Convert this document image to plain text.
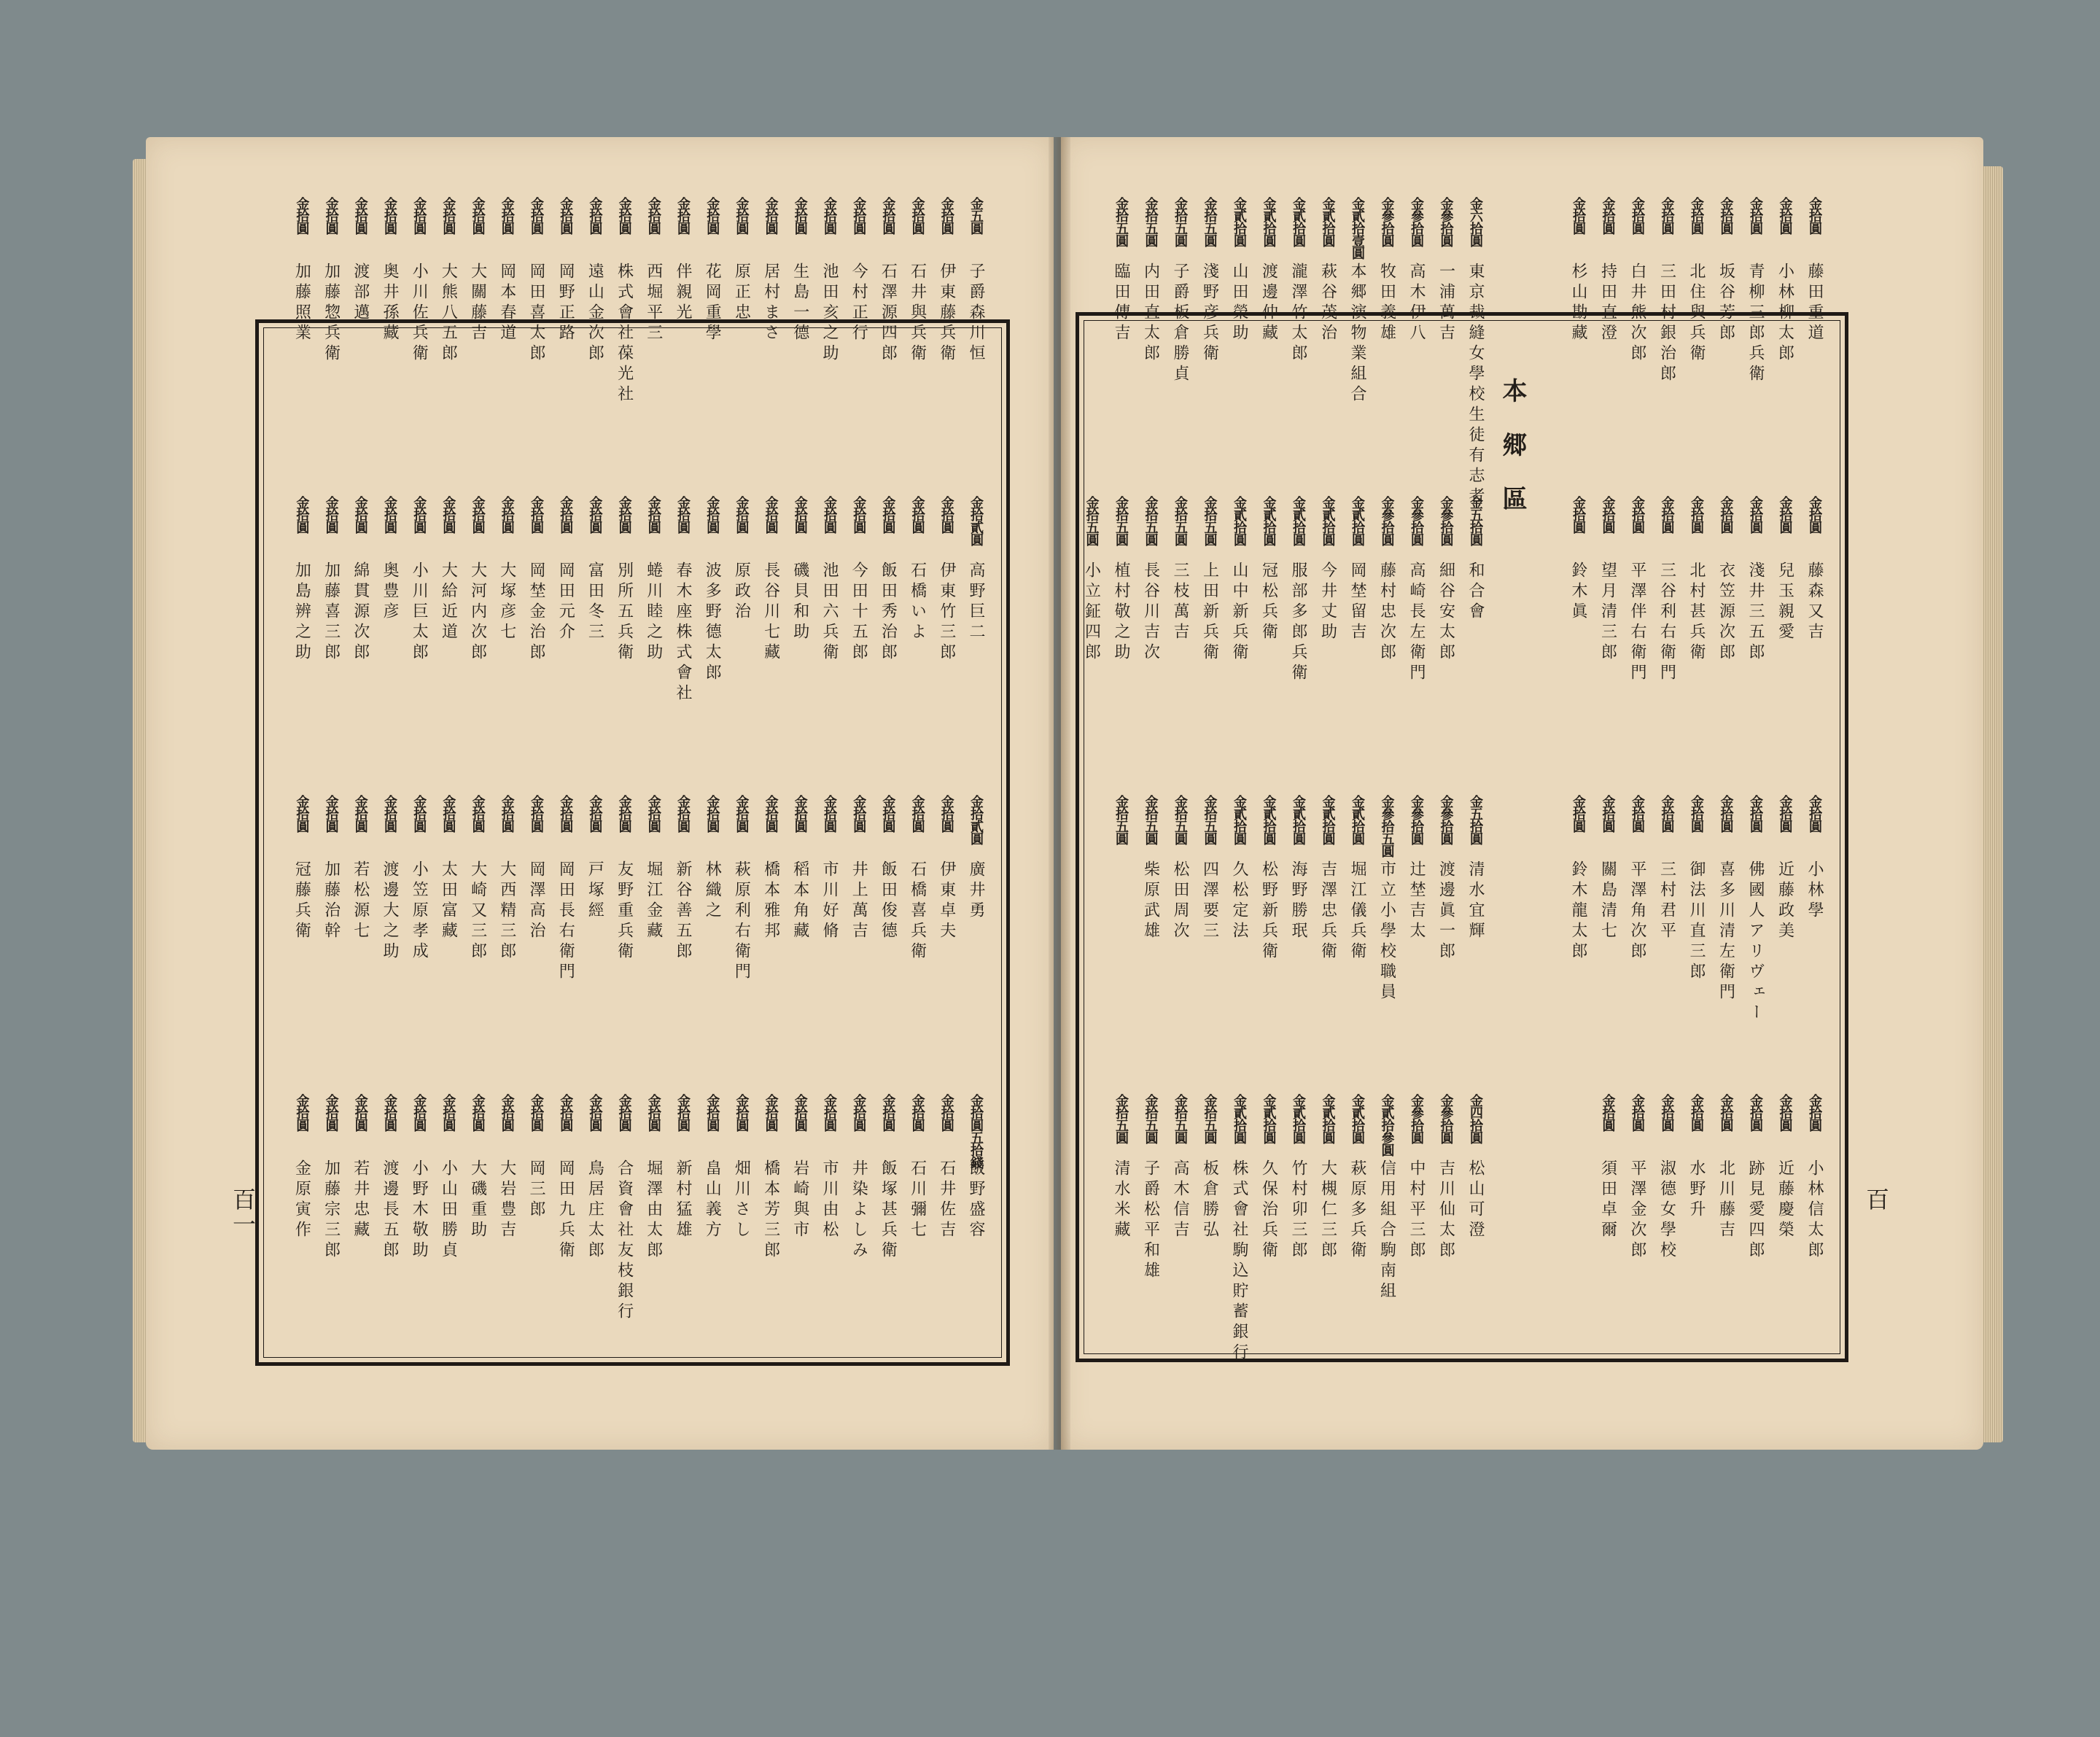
金五圓
子爵森川恒
金拾貳圓
高野巨二
金拾貳圓
廣井勇
金拾圓五拾錢
飯野盛容
金拾圓
伊東藤兵衛
金拾圓
伊東竹三郎
金拾圓
伊東卓夫
金拾圓
石井佐吉
金拾圓
石井與兵衛
金拾圓
石橋いよ
金拾圓
石橋喜兵衛
金拾圓
石川彌七
金拾圓
石澤源四郎
金拾圓
飯田秀治郎
金拾圓
飯田俊德
金拾圓
飯塚甚兵衛
金拾圓
今村正行
金拾圓
今田十五郎
金拾圓
井上萬吉
金拾圓
井染よしみ
金拾圓
池田亥之助
金拾圓
池田六兵衛
金拾圓
市川好脩
金拾圓
市川由松
金拾圓
生島一德
金拾圓
磯貝和助
金拾圓
稻本角藏
金拾圓
岩崎與市
金拾圓
居村まさ
金拾圓
長谷川七藏
金拾圓
橋本雅邦
金拾圓
橋本芳三郎
金拾圓
原正忠
金拾圓
原政治
金拾圓
萩原利右衛門
金拾圓
畑川さし
金拾圓
花岡重學
金拾圓
波多野德太郎
金拾圓
林織之
金拾圓
畠山義方
金拾圓
伴親光
金拾圓
春木座株式會社
金拾圓
新谷善五郎
金拾圓
新村猛雄
金拾圓
西堀平三
金拾圓
蜷川睦之助
金拾圓
堀江金藏
金拾圓
堀澤由太郎
金拾圓
株式會社葆光社
金拾圓
別所五兵衛
金拾圓
友野重兵衛
金拾圓
合資會社友枝銀行
金拾圓
遠山金次郎
金拾圓
富田冬三
金拾圓
戸塚經
金拾圓
鳥居庄太郎
金拾圓
岡野正路
金拾圓
岡田元介
金拾圓
岡田長右衛門
金拾圓
岡田九兵衛
金拾圓
岡田喜太郎
金拾圓
岡埜金治郎
金拾圓
岡澤高治
金拾圓
岡三郎
金拾圓
岡本春道
金拾圓
大塚彦七
金拾圓
大西精三郎
金拾圓
大岩豊吉
金拾圓
大關藤吉
金拾圓
大河内次郎
金拾圓
大崎又三郎
金拾圓
大磯重助
金拾圓
大熊八五郎
金拾圓
大給近道
金拾圓
太田富藏
金拾圓
小山田勝貞
金拾圓
小川佐兵衛
金拾圓
小川巨太郎
金拾圓
小笠原孝成
金拾圓
小野木敬助
金拾圓
奥井孫藏
金拾圓
奥豊彦
金拾圓
渡邊大之助
金拾圓
渡邊長五郎
金拾圓
渡部邁
金拾圓
綿貫源次郎
金拾圓
若松源七
金拾圓
若井忠藏
金拾圓
加藤惣兵衛
金拾圓
加藤喜三郎
金拾圓
加藤治幹
金拾圓
加藤宗三郎
金拾圓
加藤照業
金拾圓
加島辨之助
金拾圓
冠藤兵衛
金拾圓
金原寅作
金拾圓
藤田重道
金拾圓
藤森又吉
金拾圓
小林學
金拾圓
小林信太郎
金拾圓
小林柳太郎
金拾圓
兒玉親愛
金拾圓
近藤政美
金拾圓
近藤慶榮
金拾圓
青柳三郎兵衛
金拾圓
淺井三五郎
金拾圓
佛國人アリヴェー
金拾圓
跡見愛四郎
金拾圓
坂谷芳郎
金拾圓
衣笠源次郎
金拾圓
喜多川清左衛門
金拾圓
北川藤吉
金拾圓
北住與兵衛
金拾圓
北村甚兵衛
金拾圓
御法川直三郎
金拾圓
水野升
金拾圓
三田村銀治郎
金拾圓
三谷利右衛門
金拾圓
三村君平
金拾圓
淑德女學校
金拾圓
白井熊次郎
金拾圓
平澤伴右衛門
金拾圓
平澤角次郎
金拾圓
平澤金次郎
金拾圓
持田直澄
金拾圓
望月清三郎
金拾圓
關島清七
金拾圓
須田卓爾
金拾圓
杉山勘藏
金拾圓
鈴木眞
金拾圓
鈴木龍太郎
金六拾圓
東京裁縫女學校生徒有志者
金五拾圓
和合會
金五拾圓
清水宜輝
金四拾圓
松山可澄
金參拾圓
一浦萬吉
金參拾圓
細谷安太郎
金參拾圓
渡邊眞一郎
金參拾圓
吉川仙太郎
金參拾圓
高木伊八
金參拾圓
高崎長左衛門
金參拾圓
辻埜吉太
金參拾圓
中村平三郎
金參拾圓
牧田義雄
金參拾圓
藤村忠次郎
金參拾五圓
市立小學校職員
金貳拾參圓
信用組合駒南組
金貳拾壹圓
本郷演物業組合
金貳拾圓
岡埜留吉
金貳拾圓
堀江儀兵衛
金貳拾圓
萩原多兵衛
金貳拾圓
萩谷茂治
金貳拾圓
今井丈助
金貳拾圓
吉澤忠兵衛
金貳拾圓
大槻仁三郎
金貳拾圓
瀧澤竹太郎
金貳拾圓
服部多郎兵衛
金貳拾圓
海野勝珉
金貳拾圓
竹村卯三郎
金貳拾圓
渡邊仲藏
金貳拾圓
冠松兵衛
金貳拾圓
松野新兵衛
金貳拾圓
久保治兵衛
金貳拾圓
山田榮助
金貳拾圓
山中新兵衛
金貳拾圓
久松定法
金貳拾圓
株式會社駒込貯蓄銀行
金拾五圓
淺野彦兵衛
金拾五圓
上田新兵衛
金拾五圓
四澤要三
金拾五圓
板倉勝弘
金拾五圓
子爵板倉勝貞
金拾五圓
三枝萬吉
金拾五圓
松田周次
金拾五圓
高木信吉
金拾五圓
内田直太郎
金拾五圓
長谷川吉次
金拾五圓
柴原武雄
金拾五圓
子爵松平和雄
金拾五圓
臨田傳吉
金拾五圓
植村敬之助
金拾五圓
金拾五圓
清水米藏
金拾五圓
小立鉦四郎
本郷區
百一	百
